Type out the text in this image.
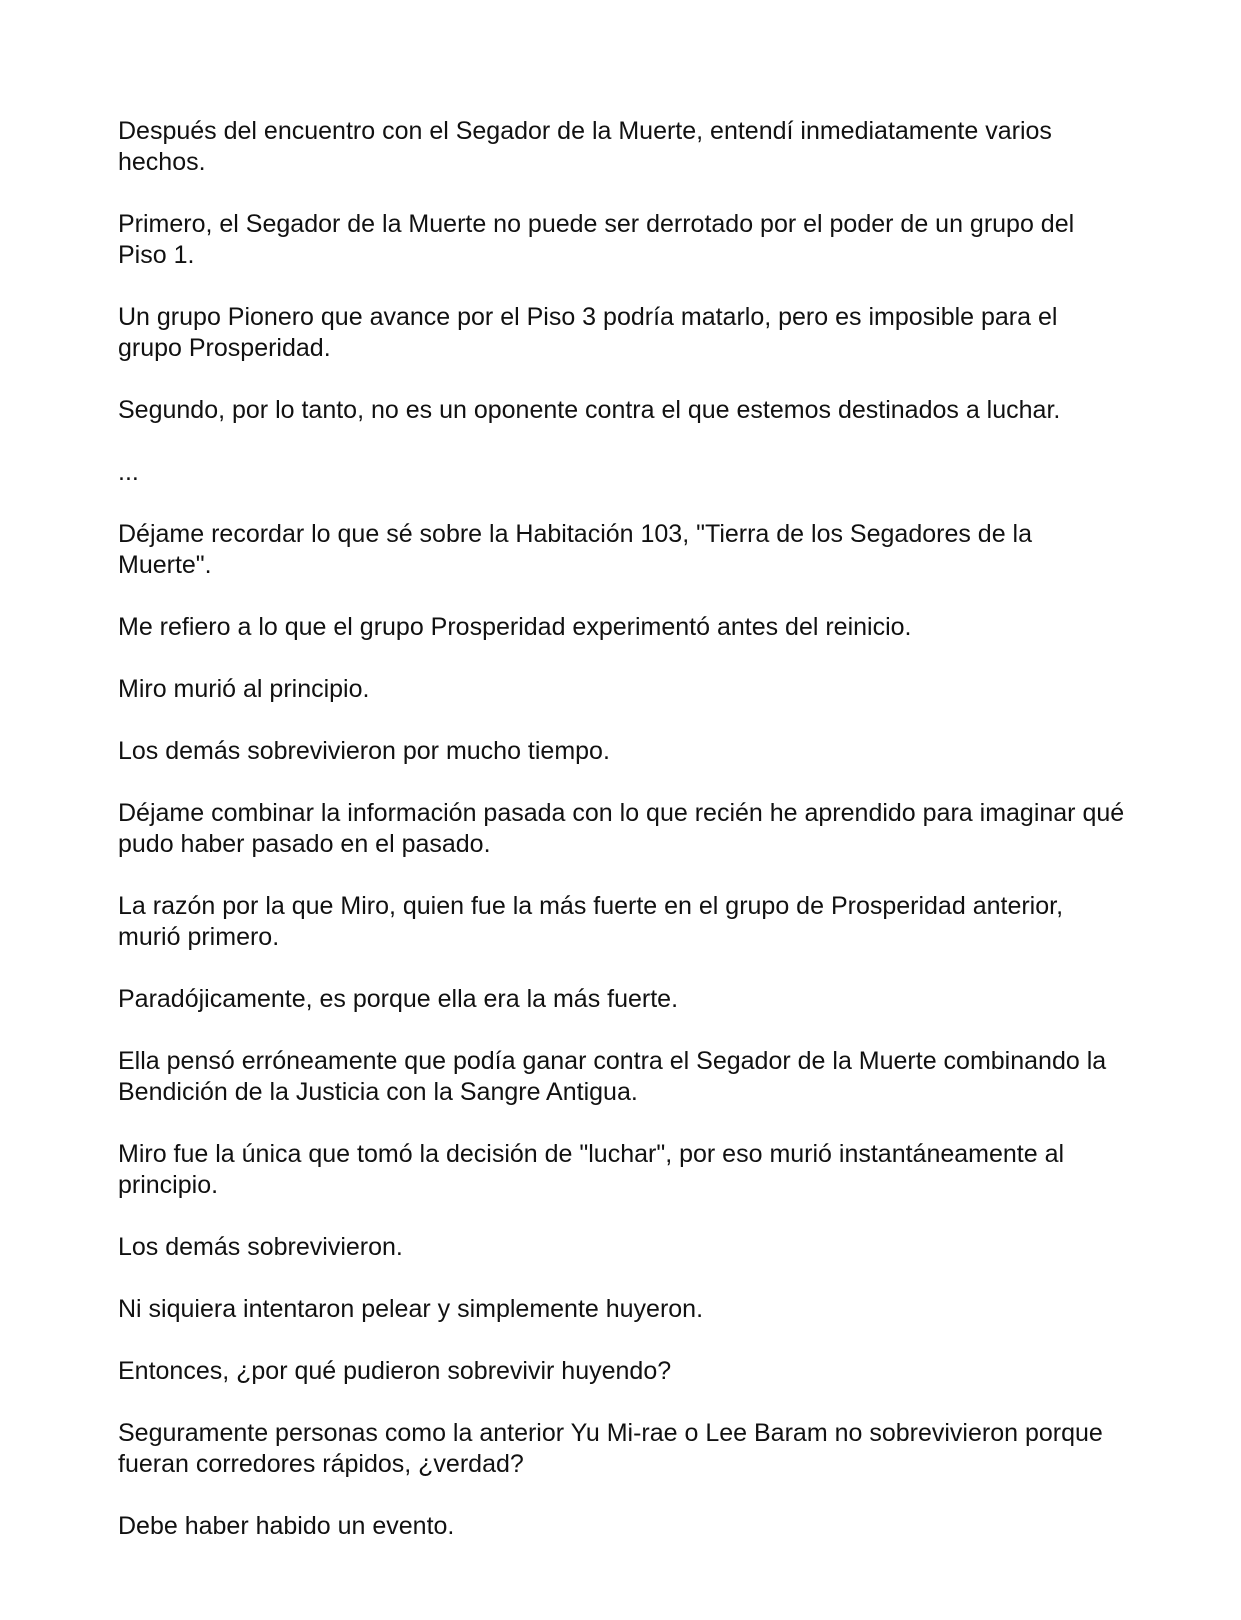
Después del encuentro con el Segador de la Muerte, entendí inmediatamente varios hechos.

Primero, el Segador de la Muerte no puede ser derrotado por el poder de un grupo del Piso 1.

Un grupo Pionero que avance por el Piso 3 podría matarlo, pero es imposible para el grupo Prosperidad.

Segundo, por lo tanto, no es un oponente contra el que estemos destinados a luchar.

...

Déjame recordar lo que sé sobre la Habitación 103, "Tierra de los Segadores de la Muerte".

Me refiero a lo que el grupo Prosperidad experimentó antes del reinicio.

Miro murió al principio.

Los demás sobrevivieron por mucho tiempo.

Déjame combinar la información pasada con lo que recién he aprendido para imaginar qué pudo haber pasado en el pasado.

La razón por la que Miro, quien fue la más fuerte en el grupo de Prosperidad anterior, murió primero.

Paradójicamente, es porque ella era la más fuerte.

Ella pensó erróneamente que podía ganar contra el Segador de la Muerte combinando la Bendición de la Justicia con la Sangre Antigua.

Miro fue la única que tomó la decisión de "luchar", por eso murió instantáneamente al principio.

Los demás sobrevivieron.

Ni siquiera intentaron pelear y simplemente huyeron.

Entonces, ¿por qué pudieron sobrevivir huyendo?

Seguramente personas como la anterior Yu Mi-rae o Lee Baram no sobrevivieron porque fueran corredores rápidos, ¿verdad?

Debe haber habido un evento.
